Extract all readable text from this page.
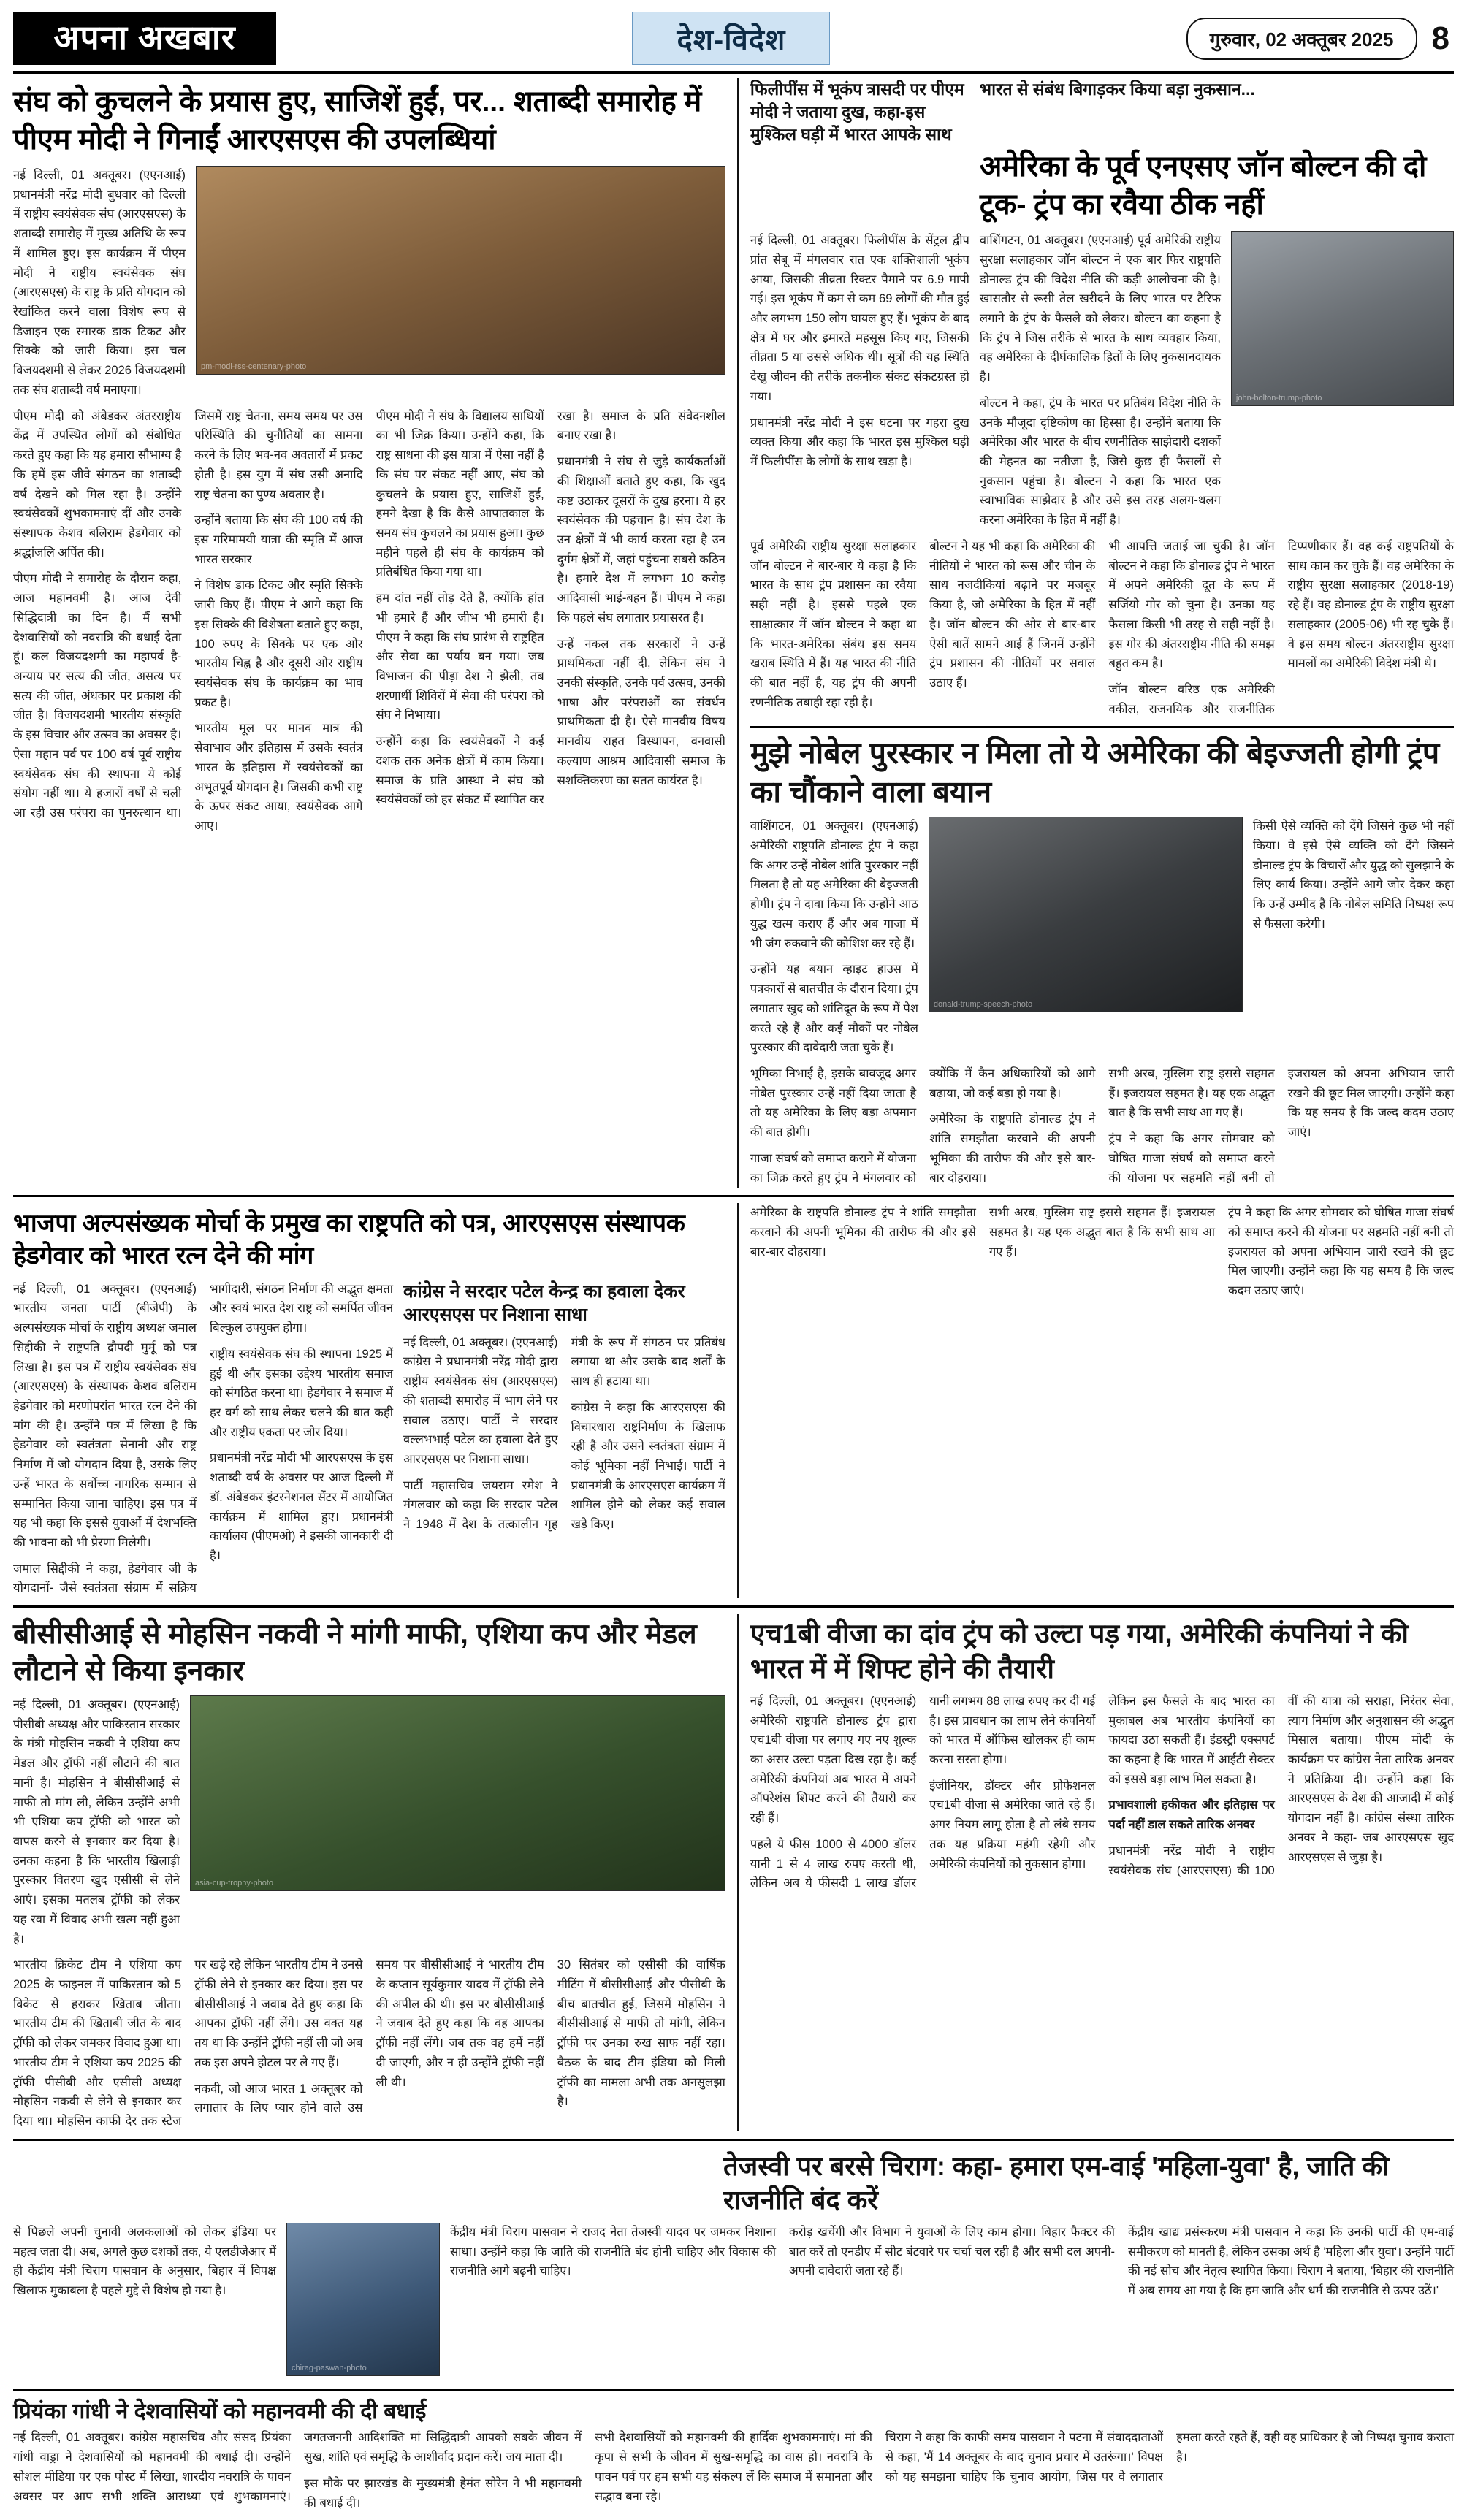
अपना अखबार	देश-विदेश	गुरुवार, 02 अक्तूबर 2025	8
संघ को कुचलने के प्रयास हुए, साजिशें हुईं, पर... शताब्दी समारोह में पीएम मोदी ने गिनाईं आरएसएस की उपलब्धियां

नई दिल्ली, 01 अक्तूबर। (एएनआई) प्रधानमंत्री नरेंद्र मोदी बुधवार को दिल्ली में राष्ट्रीय स्वयंसेवक संघ (आरएसएस) के शताब्दी समारोह में मुख्य अतिथि के रूप में शामिल हुए। इस कार्यक्रम में पीएम मोदी ने राष्ट्रीय स्वयंसेवक संघ (आरएसएस) के राष्ट्र के प्रति योगदान को रेखांकित करने वाला विशेष रूप से डिजाइन एक स्मारक डाक टिकट और सिक्के को जारी किया। इस चल विजयदशमी से लेकर 2026 विजयदशमी तक संघ शताब्दी वर्ष मनाएगा।

pm-modi-rss-centenary-photo

पीएम मोदी को अंबेडकर अंतरराष्ट्रीय केंद्र में उपस्थित लोगों को संबोधित करते हुए कहा कि यह हमारा सौभाग्य है कि हमें इस जीवे संगठन का शताब्दी वर्ष देखने को मिल रहा है। उन्होंने स्वयंसेवकों शुभकामनाएं दीं और उनके संस्थापक केशव बलिराम हेडगेवार को श्रद्धांजलि अर्पित की।

पीएम मोदी ने समारोह के दौरान कहा, आज महानवमी है। आज देवी सिद्धिदात्री का दिन है। मैं सभी देशवासियों को नवरात्रि की बधाई देता हूं। कल विजयदशमी का महापर्व है- अन्याय पर सत्य की जीत, असत्य पर सत्य की जीत, अंधकार पर प्रकाश की जीत है। विजयदशमी भारतीय संस्कृति के इस विचार और उत्सव का अवसर है। ऐसा महान पर्व पर 100 वर्ष पूर्व राष्ट्रीय स्वयंसेवक संघ की स्थापना ये कोई संयोग नहीं था। ये हजारों वर्षों से चली आ रही उस परंपरा का पुनरुत्थान था। जिसमें राष्ट्र चेतना, समय समय पर उस परिस्थिति की चुनौतियों का सामना करने के लिए भव-नव अवतारों में प्रकट होती है। इस युग में संघ उसी अनादि राष्ट्र चेतना का पुण्य अवतार है।

उन्होंने बताया कि संघ की 100 वर्ष की इस गरिमामयी यात्रा की स्मृति में आज भारत सरकार

ने विशेष डाक टिकट और स्मृति सिक्के जारी किए हैं। पीएम ने आगे कहा कि इस सिक्के की विशेषता बताते हुए कहा, 100 रुपए के सिक्के पर एक ओर भारतीय चिह्न है और दूसरी ओर राष्ट्रीय स्वयंसेवक संघ के कार्यक्रम का भाव प्रकट है।

भारतीय मूल पर मानव मात्र की सेवाभाव और इतिहास में उसके स्वतंत्र भारत के इतिहास में स्वयंसेवकों का अभूतपूर्व योगदान है। जिसकी कभी राष्ट्र के ऊपर संकट आया, स्वयंसेवक आगे आए।

पीएम मोदी ने संघ के विद्यालय साथियों का भी जिक्र किया। उन्होंने कहा, कि राष्ट्र साधना की इस यात्रा में ऐसा नहीं है कि संघ पर संकट नहीं आए, संघ को कुचलने के प्रयास हुए, साजिशें हुईं, हमने देखा है कि कैसे आपातकाल के समय संघ कुचलने का प्रयास हुआ। कुछ महीने पहले ही संघ के कार्यक्रम को प्रतिबंधित किया गया था।

हम दांत नहीं तोड़ देते हैं, क्योंकि हांत भी हमारे हैं और जीभ भी हमारी है। पीएम ने कहा कि संघ प्रारंभ से राष्ट्रहित और सेवा का पर्याय बन गया। जब विभाजन की पीड़ा देश ने झेली, तब शरणार्थी शिविरों में सेवा की परंपरा को संघ ने निभाया।

उन्होंने कहा कि स्वयंसेवकों ने कई दशक तक अनेक क्षेत्रों में काम किया। समाज के प्रति आस्था ने संघ को स्वयंसेवकों को हर संकट में स्थापित कर रखा है। समाज के प्रति संवेदनशील बनाए रखा है।

प्रधानमंत्री ने संघ से जुड़े कार्यकर्ताओं की शिक्षाओं बताते हुए कहा, कि खुद कष्ट उठाकर दूसरों के दुख हरना। ये हर स्वयंसेवक की पहचान है। संघ देश के उन क्षेत्रों में भी कार्य करता रहा है उन दुर्गम क्षेत्रों में, जहां पहुंचना सबसे कठिन है। हमारे देश में लगभग 10 करोड़ आदिवासी भाई-बहन हैं। पीएम ने कहा कि पहले संघ लगातार प्रयासरत है।

उन्हें नकल तक सरकारों ने उन्हें प्राथमिकता नहीं दी, लेकिन संघ ने उनकी संस्कृति, उनके पर्व उत्सव, उनकी भाषा और परंपराओं का संवर्धन प्राथमिकता दी है। ऐसे मानवीय विषय मानवीय राहत विस्थापन, वनवासी कल्याण आश्रम आदिवासी समाज के सशक्तिकरण का सतत कार्यरत है।

फिलीपींस में भूकंप त्रासदी पर पीएम मोदी ने जताया दुख, कहा-इस मुश्किल घड़ी में भारत आपके साथ
भारत से संबंध बिगाड़कर किया बड़ा नुकसान...
अमेरिका के पूर्व एनएसए जॉन बोल्टन की दो टूक- ट्रंप का रवैया ठीक नहीं

नई दिल्ली, 01 अक्तूबर। फिलीपींस के सेंट्रल द्वीप प्रांत सेबू में मंगलवार रात एक शक्तिशाली भूकंप आया, जिसकी तीव्रता रिक्टर पैमाने पर 6.9 मापी गई। इस भूकंप में कम से कम 69 लोगों की मौत हुई और लगभग 150 लोग घायल हुए हैं। भूकंप के बाद क्षेत्र में घर और इमारतें महसूस किए गए, जिसकी तीव्रता 5 या उससे अधिक थी। सूत्रों की यह स्थिति देखु जीवन की तरीके तकनीक संकट संकटग्रस्त हो गया।

प्रधानमंत्री नरेंद्र मोदी ने इस घटना पर गहरा दुख व्यक्त किया और कहा कि भारत इस मुश्किल घड़ी में फिलीपींस के लोगों के साथ खड़ा है।

वाशिंगटन, 01 अक्तूबर। (एएनआई) पूर्व अमेरिकी राष्ट्रीय सुरक्षा सलाहकार जॉन बोल्टन ने एक बार फिर राष्ट्रपति डोनाल्ड ट्रंप की विदेश नीति की कड़ी आलोचना की है। खासतौर से रूसी तेल खरीदने के लिए भारत पर टैरिफ लगाने के ट्रंप के फैसले को लेकर। बोल्टन का कहना है कि ट्रंप ने जिस तरीके से भारत के साथ व्यवहार किया, वह अमेरिका के दीर्घकालिक हितों के लिए नुकसानदायक है।

बोल्टन ने कहा, ट्रंप के भारत पर प्रतिबंध विदेश नीति के उनके मौजूदा दृष्टिकोण का हिस्सा है। उन्होंने बताया कि अमेरिका और भारत के बीच रणनीतिक साझेदारी दशकों की मेहनत का नतीजा है, जिसे कुछ ही फैसलों से नुकसान पहुंचा है। बोल्टन ने कहा कि भारत एक स्वाभाविक साझेदार है और उसे इस तरह अलग-थलग करना अमेरिका के हित में नहीं है।

john-bolton-trump-photo

पूर्व अमेरिकी राष्ट्रीय सुरक्षा सलाहकार जॉन बोल्टन ने बार-बार ये कहा है कि भारत के साथ ट्रंप प्रशासन का रवैया सही नहीं है। इससे पहले एक साक्षात्कार में जॉन बोल्टन ने कहा था कि भारत-अमेरिका संबंध इस समय खराब स्थिति में हैं। यह भारत की नीति की बात नहीं है, यह ट्रंप की अपनी रणनीतिक तबाही रहा रही है।

बोल्टन ने यह भी कहा कि अमेरिका की नीतियों ने भारत को रूस और चीन के साथ नजदीकियां बढ़ाने पर मजबूर किया है, जो अमेरिका के हित में नहीं है। जॉन बोल्टन की ओर से बार-बार ऐसी बातें सामने आई हैं जिनमें उन्होंने ट्रंप प्रशासन की नीतियों पर सवाल उठाए हैं।

भी आपत्ति जताई जा चुकी है। जॉन बोल्टन ने कहा कि डोनाल्ड ट्रंप ने भारत में अपने अमेरिकी दूत के रूप में सर्जियो गोर को चुना है। उनका यह फैसला किसी भी तरह से सही नहीं है। इस गोर की अंतरराष्ट्रीय नीति की समझ बहुत कम है।

जॉन बोल्टन वरिष्ठ एक अमेरिकी वकील, राजनयिक और राजनीतिक टिप्पणीकार हैं। वह कई राष्ट्रपतियों के साथ काम कर चुके हैं। वह अमेरिका के राष्ट्रीय सुरक्षा सलाहकार (2018-19) रहे हैं। वह डोनाल्ड ट्रंप के राष्ट्रीय सुरक्षा सलाहकार (2005-06) भी रह चुके हैं। वे इस समय बोल्टन अंतरराष्ट्रीय सुरक्षा मामलों का अमेरिकी विदेश मंत्री थे।

मुझे नोबेल पुरस्कार न मिला तो ये अमेरिका की बेइज्जती होगी ट्रंप का चौंकाने वाला बयान

वाशिंगटन, 01 अक्तूबर। (एएनआई) अमेरिकी राष्ट्रपति डोनाल्ड ट्रंप ने कहा कि अगर उन्हें नोबेल शांति पुरस्कार नहीं मिलता है तो यह अमेरिका की बेइज्जती होगी। ट्रंप ने दावा किया कि उन्होंने आठ युद्ध खत्म कराए हैं और अब गाजा में भी जंग रुकवाने की कोशिश कर रहे हैं।

उन्होंने यह बयान व्हाइट हाउस में पत्रकारों से बातचीत के दौरान दिया। ट्रंप लगातार खुद को शांतिदूत के रूप में पेश करते रहे हैं और कई मौकों पर नोबेल पुरस्कार की दावेदारी जता चुके हैं।

donald-trump-speech-photo

किसी ऐसे व्यक्ति को देंगे जिसने कुछ भी नहीं किया। वे इसे ऐसे व्यक्ति को देंगे जिसने डोनाल्ड ट्रंप के विचारों और युद्ध को सुलझाने के लिए कार्य किया। उन्होंने आगे जोर देकर कहा कि उन्हें उम्मीद है कि नोबेल समिति निष्पक्ष रूप से फैसला करेगी।

भूमिका निभाई है, इसके बावजूद अगर नोबेल पुरस्कार उन्हें नहीं दिया जाता है तो यह अमेरिका के लिए बड़ा अपमान की बात होगी।

गाजा संघर्ष को समाप्त कराने में योजना का जिक्र करते हुए ट्रंप ने मंगलवार को क्योंकि में कैन अधिकारियों को आगे बढ़ाया, जो कई बड़ा हो गया है।

अमेरिका के राष्ट्रपति डोनाल्ड ट्रंप ने शांति समझौता करवाने की अपनी भूमिका की तारीफ की और इसे बार-बार दोहराया।

सभी अरब, मुस्लिम राष्ट्र इससे सहमत हैं। इजरायल सहमत है। यह एक अद्भुत बात है कि सभी साथ आ गए हैं।

ट्रंप ने कहा कि अगर सोमवार को घोषित गाजा संघर्ष को समाप्त करने की योजना पर सहमति नहीं बनी तो इजरायल को अपना अभियान जारी रखने की छूट मिल जाएगी। उन्होंने कहा कि यह समय है कि जल्द कदम उठाए जाएं।

भाजपा अल्पसंख्यक मोर्चा के प्रमुख का राष्ट्रपति को पत्र, आरएसएस संस्थापक हेडगेवार को भारत रत्न देने की मांग

नई दिल्ली, 01 अक्तूबर। (एएनआई) भारतीय जनता पार्टी (बीजेपी) के अल्पसंख्यक मोर्चा के राष्ट्रीय अध्यक्ष जमाल सिद्दीकी ने राष्ट्रपति द्रौपदी मुर्मू को पत्र लिखा है। इस पत्र में राष्ट्रीय स्वयंसेवक संघ (आरएसएस) के संस्थापक केशव बलिराम हेडगेवार को मरणोपरांत भारत रत्न देने की मांग की है। उन्होंने पत्र में लिखा है कि हेडगेवार को स्वतंत्रता सेनानी और राष्ट्र निर्माण में जो योगदान दिया है, उसके लिए उन्हें भारत के सर्वोच्च नागरिक सम्मान से सम्मानित किया जाना चाहिए। इस पत्र में यह भी कहा कि इससे युवाओं में देशभक्ति की भावना को भी प्रेरणा मिलेगी।

जमाल सिद्दीकी ने कहा, हेडगेवार जी के योगदानों- जैसे स्वतंत्रता संग्राम में सक्रिय भागीदारी, संगठन निर्माण की अद्भुत क्षमता और स्वयं भारत देश राष्ट्र को समर्पित जीवन बिल्कुल उपयुक्त होगा।

राष्ट्रीय स्वयंसेवक संघ की स्थापना 1925 में हुई थी और इसका उद्देश्य भारतीय समाज को संगठित करना था। हेडगेवार ने समाज में हर वर्ग को साथ लेकर चलने की बात कही और राष्ट्रीय एकता पर जोर दिया।

प्रधानमंत्री नरेंद्र मोदी भी आरएसएस के इस शताब्दी वर्ष के अवसर पर आज दिल्ली में डॉ. अंबेडकर इंटरनेशनल सेंटर में आयोजित कार्यक्रम में शामिल हुए। प्रधानमंत्री कार्यालय (पीएमओ) ने इसकी जानकारी दी है।

कांग्रेस ने सरदार पटेल केन्द्र का हवाला देकर आरएसएस पर निशाना साधा

नई दिल्ली, 01 अक्तूबर। (एएनआई) कांग्रेस ने प्रधानमंत्री नरेंद्र मोदी द्वारा राष्ट्रीय स्वयंसेवक संघ (आरएसएस) की शताब्दी समारोह में भाग लेने पर सवाल उठाए। पार्टी ने सरदार वल्लभभाई पटेल का हवाला देते हुए आरएसएस पर निशाना साधा।

पार्टी महासचिव जयराम रमेश ने मंगलवार को कहा कि सरदार पटेल ने 1948 में देश के तत्कालीन गृह मंत्री के रूप में संगठन पर प्रतिबंध लगाया था और उसके बाद शर्तों के साथ ही हटाया था।

कांग्रेस ने कहा कि आरएसएस की विचारधारा राष्ट्रनिर्माण के खिलाफ रही है और उसने स्वतंत्रता संग्राम में कोई भूमिका नहीं निभाई। पार्टी ने प्रधानमंत्री के आरएसएस कार्यक्रम में शामिल होने को लेकर कई सवाल खड़े किए।

अमेरिका के राष्ट्रपति डोनाल्ड ट्रंप ने शांति समझौता करवाने की अपनी भूमिका की तारीफ की और इसे बार-बार दोहराया।

सभी अरब, मुस्लिम राष्ट्र इससे सहमत हैं। इजरायल सहमत है। यह एक अद्भुत बात है कि सभी साथ आ गए हैं।

ट्रंप ने कहा कि अगर सोमवार को घोषित गाजा संघर्ष को समाप्त करने की योजना पर सहमति नहीं बनी तो इजरायल को अपना अभियान जारी रखने की छूट मिल जाएगी। उन्होंने कहा कि यह समय है कि जल्द कदम उठाए जाएं।

बीसीसीआई से मोहसिन नकवी ने मांगी माफी, एशिया कप और मेडल लौटाने से किया इनकार

नई दिल्ली, 01 अक्तूबर। (एएनआई) पीसीबी अध्यक्ष और पाकिस्तान सरकार के मंत्री मोहसिन नकवी ने एशिया कप मेडल और ट्रॉफी नहीं लौटाने की बात मानी है। मोहसिन ने बीसीसीआई से माफी तो मांग ली, लेकिन उन्होंने अभी भी एशिया कप ट्रॉफी को भारत को वापस करने से इनकार कर दिया है। उनका कहना है कि भारतीय खिलाड़ी पुरस्कार वितरण खुद एसीसी से लेने आएं। इसका मतलब ट्रॉफी को लेकर यह रवा में विवाद अभी खत्म नहीं हुआ है।

asia-cup-trophy-photo

भारतीय क्रिकेट टीम ने एशिया कप 2025 के फाइनल में पाकिस्तान को 5 विकेट से हराकर खिताब जीता। भारतीय टीम की खिताबी जीत के बाद ट्रॉफी को लेकर जमकर विवाद हुआ था। भारतीय टीम ने एशिया कप 2025 की ट्रॉफी पीसीबी और एसीसी अध्यक्ष मोहसिन नकवी से लेने से इनकार कर दिया था। मोहसिन काफी देर तक स्टेज पर खड़े रहे लेकिन भारतीय टीम ने उनसे ट्रॉफी लेने से इनकार कर दिया। इस पर बीसीसीआई ने जवाब देते हुए कहा कि आपका ट्रॉफी नहीं लेंगे। उस वक्त यह तय था कि उन्होंने ट्रॉफी नहीं ली जो अब तक इस अपने होटल पर ले गए हैं।

नकवी, जो आज भारत 1 अक्तूबर को लगातार के लिए प्यार होने वाले उस समय पर बीसीसीआई ने भारतीय टीम के कप्तान सूर्यकुमार यादव में ट्रॉफी लेने की अपील की थी। इस पर बीसीसीआई ने जवाब देते हुए कहा कि वह आपका ट्रॉफी नहीं लेंगे। जब तक वह हमें नहीं दी जाएगी, और न ही उन्होंने ट्रॉफी नहीं ली थी।

30 सितंबर को एसीसी की वार्षिक मीटिंग में बीसीसीआई और पीसीबी के बीच बातचीत हुई, जिसमें मोहसिन ने बीसीसीआई से माफी तो मांगी, लेकिन ट्रॉफी पर उनका रुख साफ नहीं रहा। बैठक के बाद टीम इंडिया को मिली ट्रॉफी का मामला अभी तक अनसुलझा है।

एच1बी वीजा का दांव ट्रंप को उल्टा पड़ गया, अमेरिकी कंपनियां ने की भारत में में शिफ्ट होने की तैयारी

नई दिल्ली, 01 अक्तूबर। (एएनआई) अमेरिकी राष्ट्रपति डोनाल्ड ट्रंप द्वारा एच1बी वीजा पर लगाए गए नए शुल्क का असर उल्टा पड़ता दिख रहा है। कई अमेरिकी कंपनियां अब भारत में अपने ऑपरेशंस शिफ्ट करने की तैयारी कर रही हैं।

पहले ये फीस 1000 से 4000 डॉलर यानी 1 से 4 लाख रुपए करती थी, लेकिन अब ये फीसदी 1 लाख डॉलर यानी लगभग 88 लाख रुपए कर दी गई है। इस प्रावधान का लाभ लेने कंपनियों को भारत में ऑफिस खोलकर ही काम करना सस्ता होगा।

इंजीनियर, डॉक्टर और प्रोफेशनल एच1बी वीजा से अमेरिका जाते रहे हैं। अगर नियम लागू होता है तो लंबे समय तक यह प्रक्रिया महंगी रहेगी और अमेरिकी कंपनियों को नुकसान होगा।

लेकिन इस फैसले के बाद भारत का मुकाबल अब भारतीय कंपनियों का फायदा उठा सकती हैं। इंडस्ट्री एक्सपर्ट का कहना है कि भारत में आईटी सेक्टर को इससे बड़ा लाभ मिल सकता है।

प्रभावशाली हकीकत और इतिहास पर पर्दा नहीं डाल सकते तारिक अनवर

प्रधानमंत्री नरेंद्र मोदी ने राष्ट्रीय स्वयंसेवक संघ (आरएसएस) की 100 वीं की यात्रा को सराहा, निरंतर सेवा, त्याग निर्माण और अनुशासन की अद्भुत मिसाल बताया। पीएम मोदी के कार्यक्रम पर कांग्रेस नेता तारिक अनवर ने प्रतिक्रिया दी। उन्होंने कहा कि आरएसएस के देश की आजादी में कोई योगदान नहीं है। कांग्रेस संस्था तारिक अनवर ने कहा- जब आरएसएस खुद आरएसएस से जुड़ा है।

तेजस्वी पर बरसे चिराग: कहा- हमारा एम-वाई 'महिला-युवा' है, जाति की राजनीति बंद करें

से पिछले अपनी चुनावी अलकलाओं को लेकर इंडिया पर महत्व जता दी। अब, अगले कुछ दशकों तक, ये एलडीजेआर में ही केंद्रीय मंत्री चिराग पासवान के अनुसार, बिहार में विपक्ष खिलाफ मुकाबला है पहले मुद्दे से विशेष हो गया है।

chirag-paswan-photo

केंद्रीय मंत्री चिराग पासवान ने राजद नेता तेजस्वी यादव पर जमकर निशाना साधा। उन्होंने कहा कि जाति की राजनीति बंद होनी चाहिए और विकास की राजनीति आगे बढ़नी चाहिए।

करोड़ खर्चेगी और विभाग ने युवाओं के लिए काम होगा। बिहार फैक्टर की बात करें तो एनडीए में सीट बंटवारे पर चर्चा चल रही है और सभी दल अपनी-अपनी दावेदारी जता रहे हैं।

केंद्रीय खाद्य प्रसंस्करण मंत्री पासवान ने कहा कि उनकी पार्टी की एम-वाई समीकरण को मानती है, लेकिन उसका अर्थ है 'महिला और युवा'। उन्होंने पार्टी की नई सोच और नेतृत्व स्थापित किया। चिराग ने बताया, 'बिहार की राजनीति में अब समय आ गया है कि हम जाति और धर्म की राजनीति से ऊपर उठें।'

प्रियंका गांधी ने देशवासियों को महानवमी की दी बधाई

नई दिल्ली, 01 अक्तूबर। कांग्रेस महासचिव और संसद प्रियंका गांधी वाड्रा ने देशवासियों को महानवमी की बधाई दी। उन्होंने सोशल मीडिया पर एक पोस्ट में लिखा, शारदीय नवरात्रि के पावन अवसर पर आप सभी शक्ति आराध्या एवं शुभकामनाएं। जगतजननी आदिशक्ति मां सिद्धिदात्री आपको सबके जीवन में सुख, शांति एवं समृद्धि के आशीर्वाद प्रदान करें। जय माता दी।

इस मौके पर झारखंड के मुख्यमंत्री हेमंत सोरेन ने भी महानवमी की बधाई दी।

सभी देशवासियों को महानवमी की हार्दिक शुभकामनाएं। मां की कृपा से सभी के जीवन में सुख-समृद्धि का वास हो। नवरात्रि के पावन पर्व पर हम सभी यह संकल्प लें कि समाज में समानता और सद्भाव बना रहे।

चिराग ने कहा कि काफी समय पासवान ने पटना में संवाददाताओं से कहा, 'मैं 14 अक्तूबर के बाद चुनाव प्रचार में उतरूंगा।' विपक्ष को यह समझना चाहिए कि चुनाव आयोग, जिस पर वे लगातार हमला करते रहते हैं, वही वह प्राधिकार है जो निष्पक्ष चुनाव कराता है।
